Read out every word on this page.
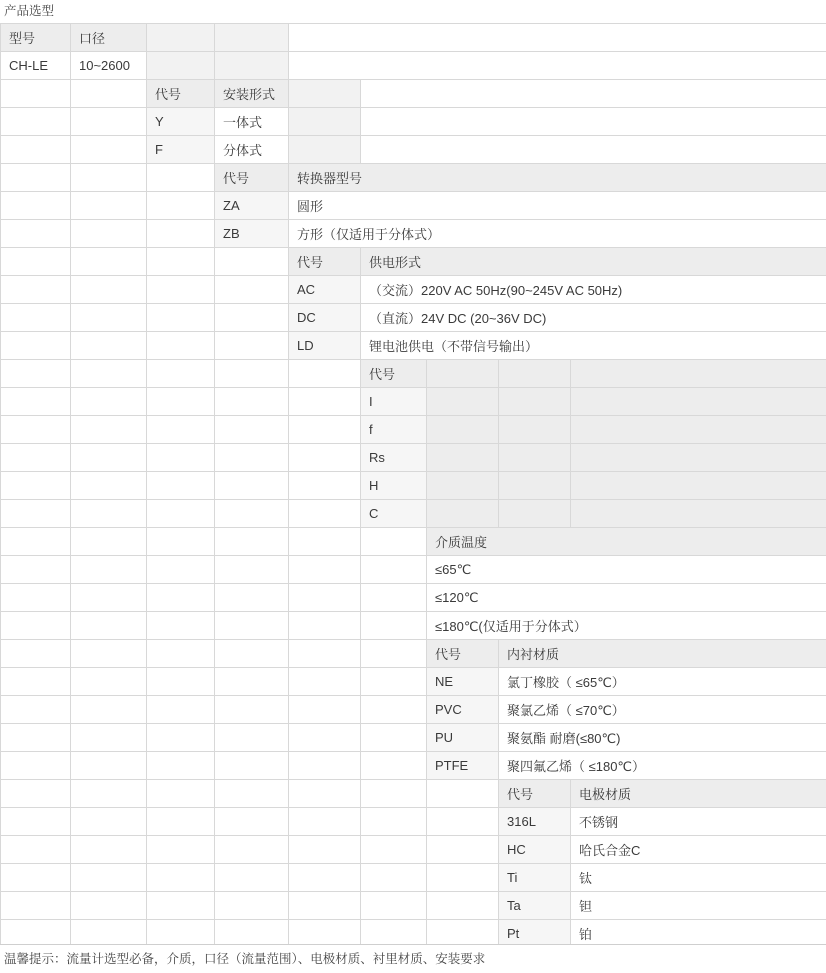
产品选型
型号	口径							
CH-LE	10~2600							
		代号	安装形式					
		Y	一体式					
		F	分体式					
			代号	转换器型号				
			ZA	圆形				
			ZB	方形（仅适用于分体式）				
				代号	供电形式			
				AC	（交流）220V AC 50Hz(90~245V AC 50Hz)			
				DC	（直流）24V DC (20~36V DC)			
				LD	锂电池供电（不带信号输出）			
					代号			
					I			
					f			
					Rs			
					H			
					C			
						介质温度		
						≤65℃		
						≤120℃		
						≤180℃(仅适用于分体式）		
						代号	内衬材质	
						NE	氯丁橡胶（ ≤65℃）	
						PVC	聚氯乙烯（ ≤70℃）	
						PU	聚氨酯 耐磨(≤80℃)	
						PTFE	聚四氟乙烯（ ≤180℃）	
							代号	电极材质
							316L	不锈钢
							HC	哈氏合金C
							Ti	钛
							Ta	钽
							Pt	铂
温馨提示：流量计选型必备，介质，口径（流量范围）、电极材质、衬里材质、安装要求
